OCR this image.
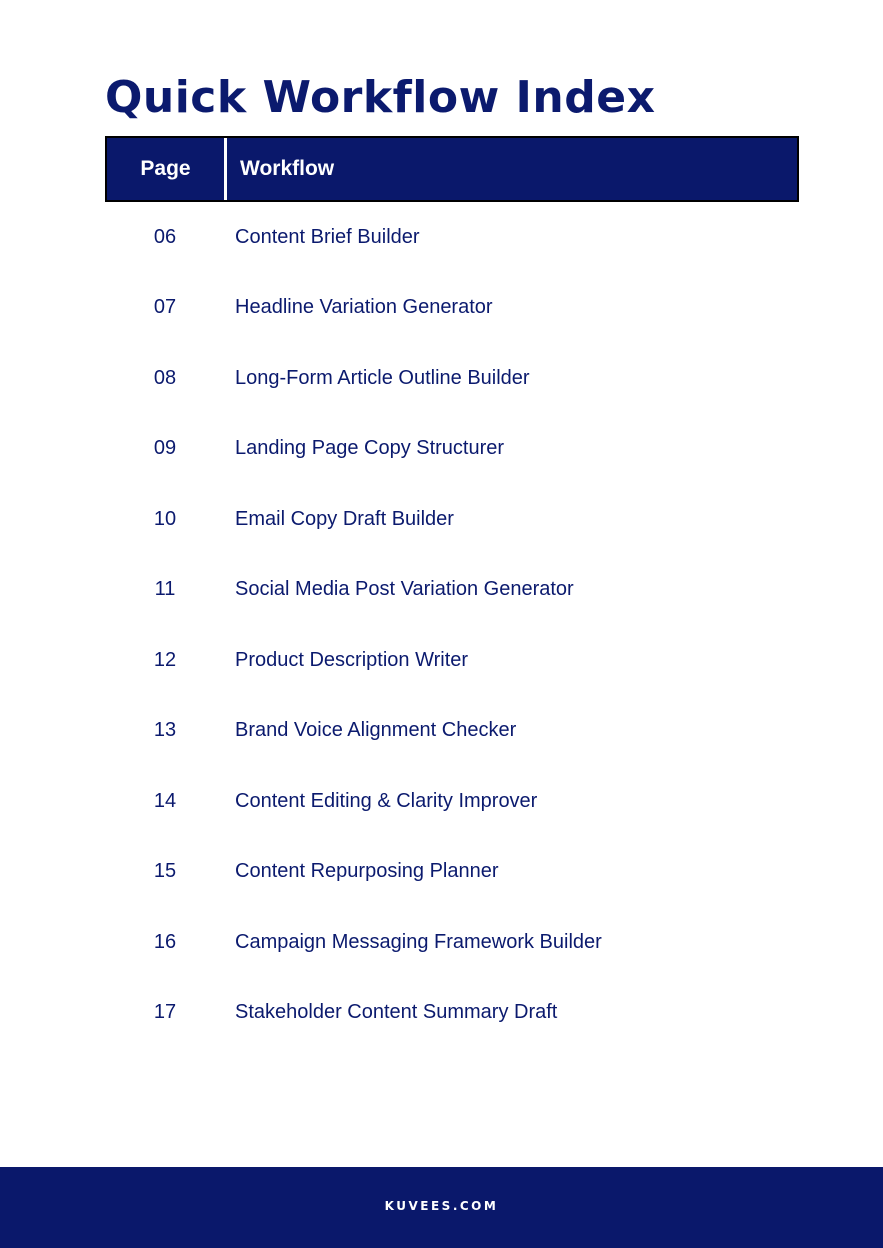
Quick Workflow Index
Page	Workflow
06	Content Brief Builder
07	Headline Variation Generator
08	Long-Form Article Outline Builder
09	Landing Page Copy Structurer
10	Email Copy Draft Builder
11	Social Media Post Variation Generator
12	Product Description Writer
13	Brand Voice Alignment Checker
14	Content Editing & Clarity Improver
15	Content Repurposing Planner
16	Campaign Messaging Framework Builder
17	Stakeholder Content Summary Draft
KUVEES.COM
